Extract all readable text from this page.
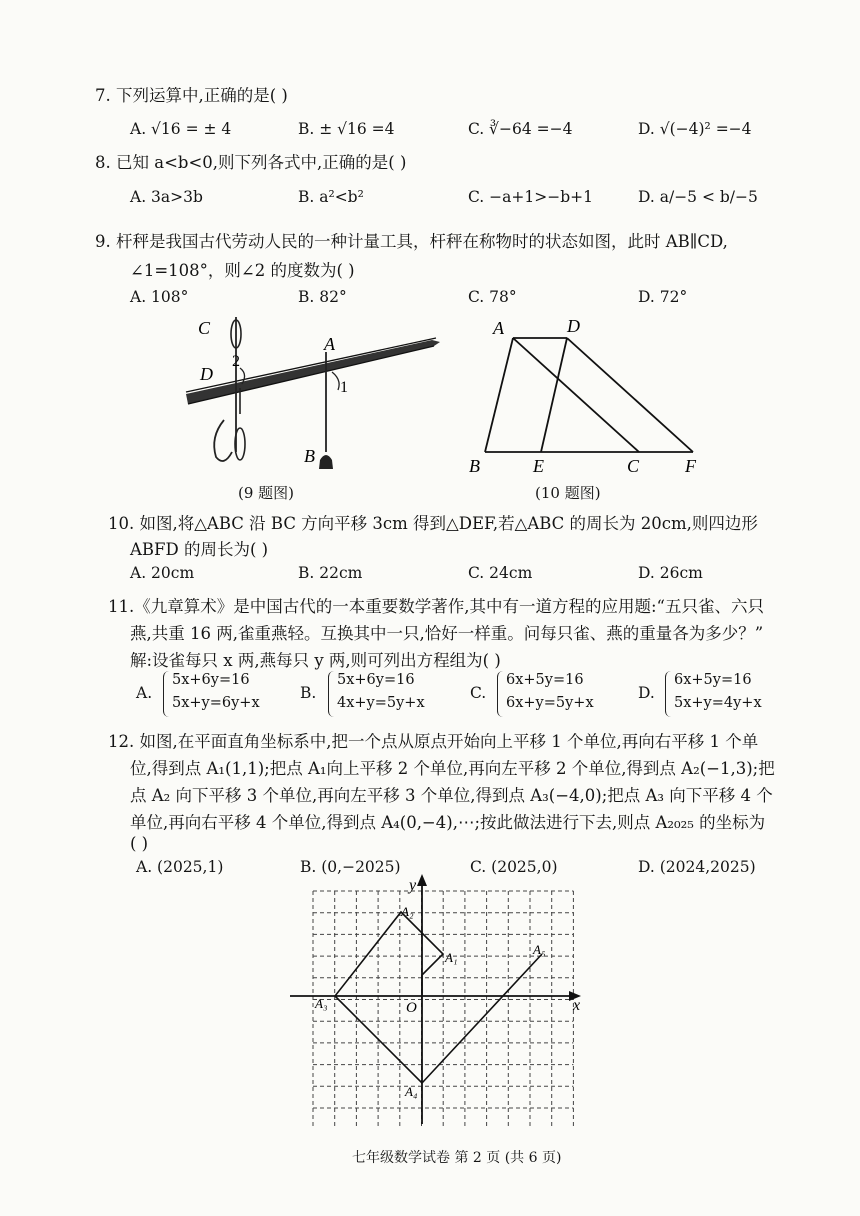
7. 下列运算中,正确的是( )
A. √16 = ± 4	B. ± √16 =4	C. ∛−64 =−4	D. √(−4)² =−4
8. 已知 a<b<0,则下列各式中,正确的是( )
A. 3a>3b	B. a²<b²	C. −a+1>−b+1	D. a/−5 < b/−5
9. 杆秤是我国古代劳动人民的一种计量工具，杆秤在称物时的状态如图，此时 AB∥CD,
∠1=108°，则∠2 的度数为( )
A. 108°	B. 82°	C. 78°	D. 72°
C
D
2
A
1
B
(9 题图)
A	D
B	E	C	F
(10 题图)
10. 如图,将△ABC 沿 BC 方向平移 3cm 得到△DEF,若△ABC 的周长为 20cm,则四边形
ABFD 的周长为( )
A. 20cm	B. 22cm	C. 24cm	D. 26cm
11.《九章算术》是中国古代的一本重要数学著作,其中有一道方程的应用题:“五只雀、六只
燕,共重 16 两,雀重燕轻。互换其中一只,恰好一样重。问每只雀、燕的重量各为多少？”
解:设雀每只 x 两,燕每只 y 两,则可列出方程组为( )
A.
5x+6y=16
5x+y=6y+x
B.
5x+6y=16
4x+y=5y+x
C.
6x+5y=16
6x+y=5y+x
D.
6x+5y=16
5x+y=4y+x
12. 如图,在平面直角坐标系中,把一个点从原点开始向上平移 1 个单位,再向右平移 1 个单
位,得到点 A₁(1,1);把点 A₁向上平移 2 个单位,再向左平移 2 个单位,得到点 A₂(−1,3);把
点 A₂ 向下平移 3 个单位,再向左平移 3 个单位,得到点 A₃(−4,0);把点 A₃ 向下平移 4 个
单位,再向右平移 4 个单位,得到点 A₄(0,−4),⋯;按此做法进行下去,则点 A₂₀₂₅ 的坐标为
( )
A. (2025,1)	B. (0,−2025)	C. (2025,0)	D. (2024,2025)
y
x
O
A₁
A₂
A₃
A₄
A₅
七年级数学试卷 第 2 页 (共 6 页)
